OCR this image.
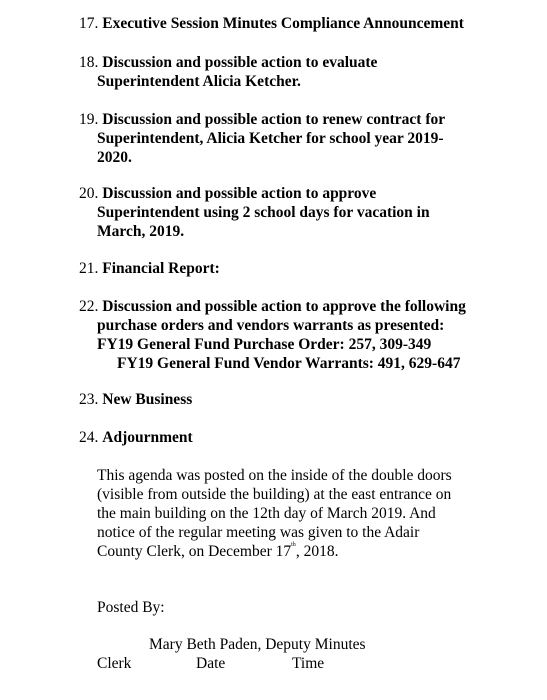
17. Executive Session Minutes Compliance Announcement
18. Discussion and possible action to evaluate
Superintendent Alicia Ketcher.
19. Discussion and possible action to renew contract for
Superintendent, Alicia Ketcher for school year 2019-
2020.
20. Discussion and possible action to approve
Superintendent using 2 school days for vacation in
March, 2019.
21. Financial Report:
22. Discussion and possible action to approve the following
purchase orders and vendors warrants as presented:
FY19 General Fund Purchase Order: 257, 309-349
FY19 General Fund Vendor Warrants: 491, 629-647
23. New Business
24. Adjournment
This agenda was posted on the inside of the double doors
(visible from outside the building) at the east entrance on
the main building on the 12th day of March 2019. And
notice of the regular meeting was given to the Adair
County Clerk, on December 17th, 2018.
Posted By:
Mary Beth Paden, Deputy Minutes
Clerk	Date	Time
